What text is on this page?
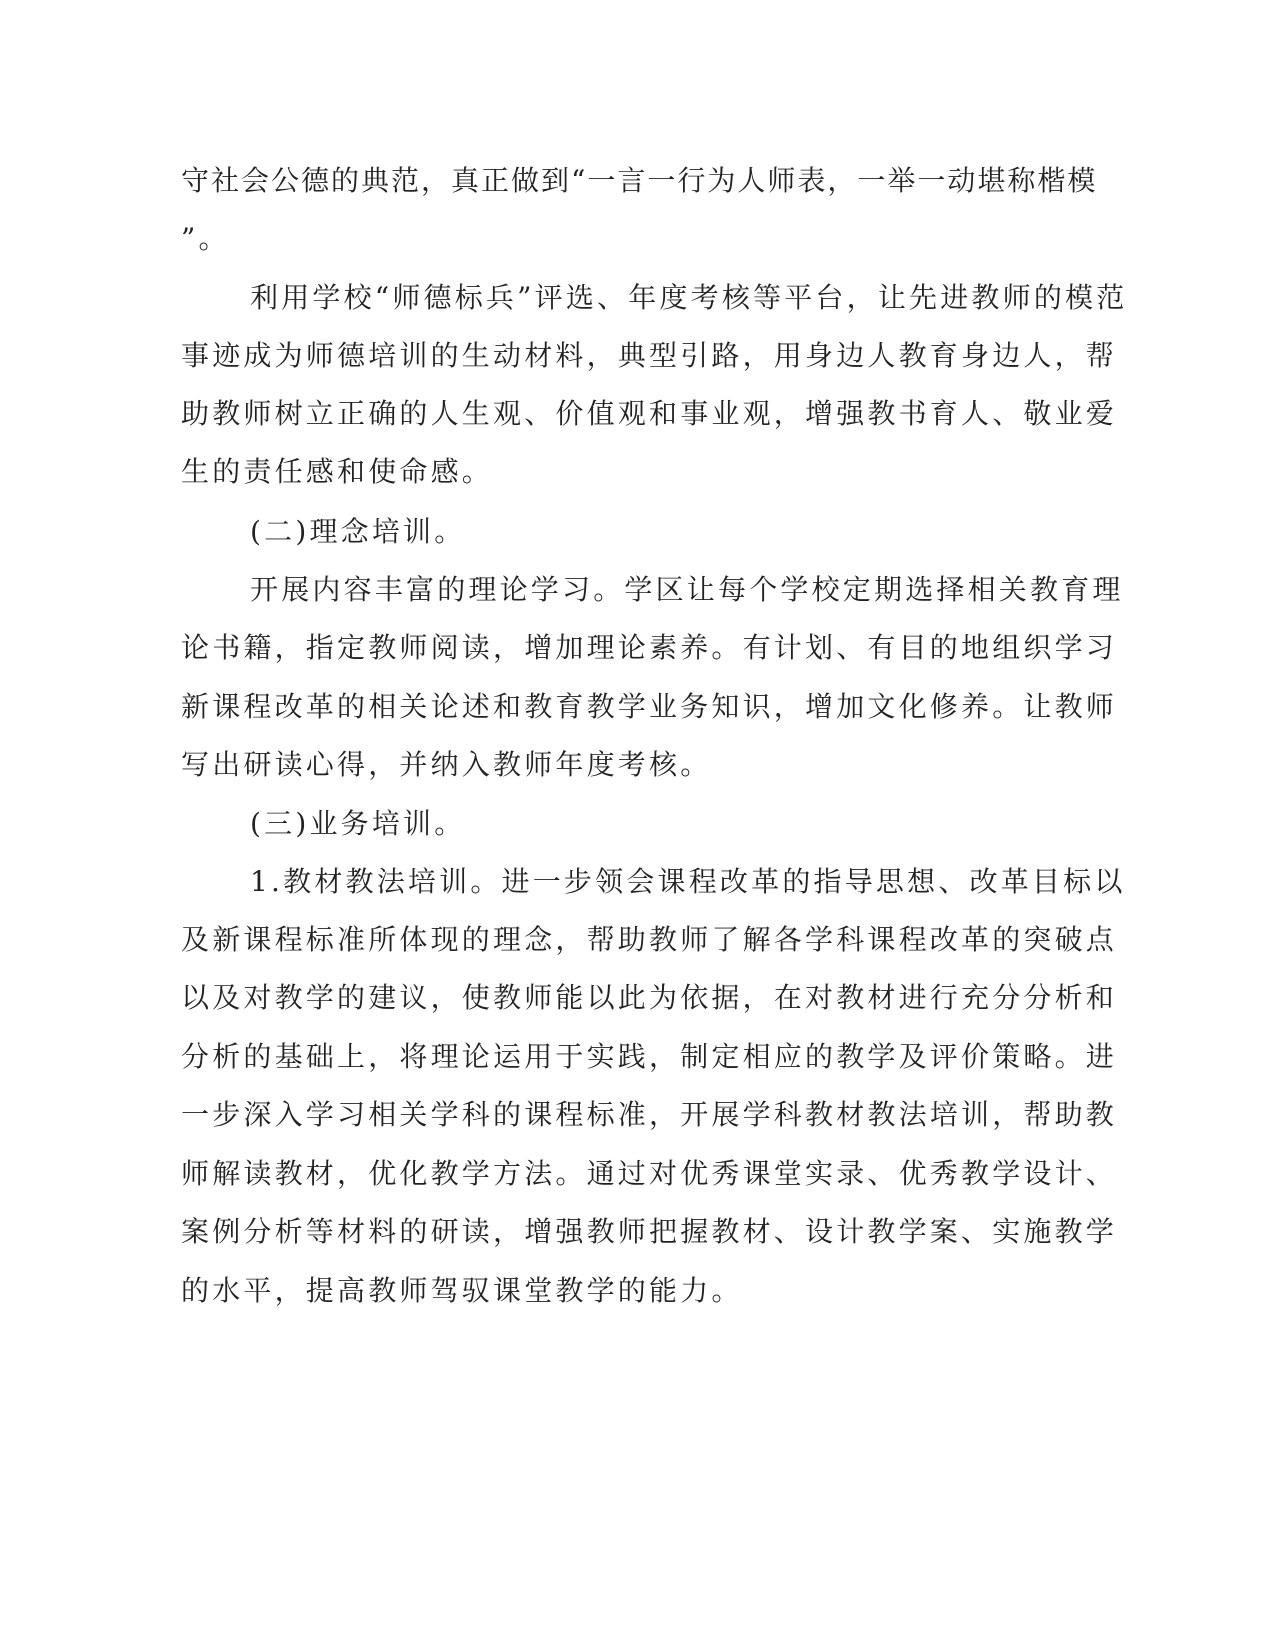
守社会公德的典范，真正做到“一言一行为人师表，一举一动堪称楷模
”。
利用学校“师德标兵”评选、年度考核等平台，让先进教师的模范
事迹成为师德培训的生动材料，典型引路，用身边人教育身边人，帮
助教师树立正确的人生观、价值观和事业观，增强教书育人、敬业爱
生的责任感和使命感。
(二)理念培训。
开展内容丰富的理论学习。学区让每个学校定期选择相关教育理
论书籍，指定教师阅读，增加理论素养。有计划、有目的地组织学习
新课程改革的相关论述和教育教学业务知识，增加文化修养。让教师
写出研读心得，并纳入教师年度考核。
(三)业务培训。
1.教材教法培训。进一步领会课程改革的指导思想、改革目标以
及新课程标准所体现的理念，帮助教师了解各学科课程改革的突破点
以及对教学的建议，使教师能以此为依据，在对教材进行充分分析和
分析的基础上，将理论运用于实践，制定相应的教学及评价策略。进
一步深入学习相关学科的课程标准，开展学科教材教法培训，帮助教
师解读教材，优化教学方法。通过对优秀课堂实录、优秀教学设计、
案例分析等材料的研读，增强教师把握教材、设计教学案、实施教学
的水平，提高教师驾驭课堂教学的能力。
